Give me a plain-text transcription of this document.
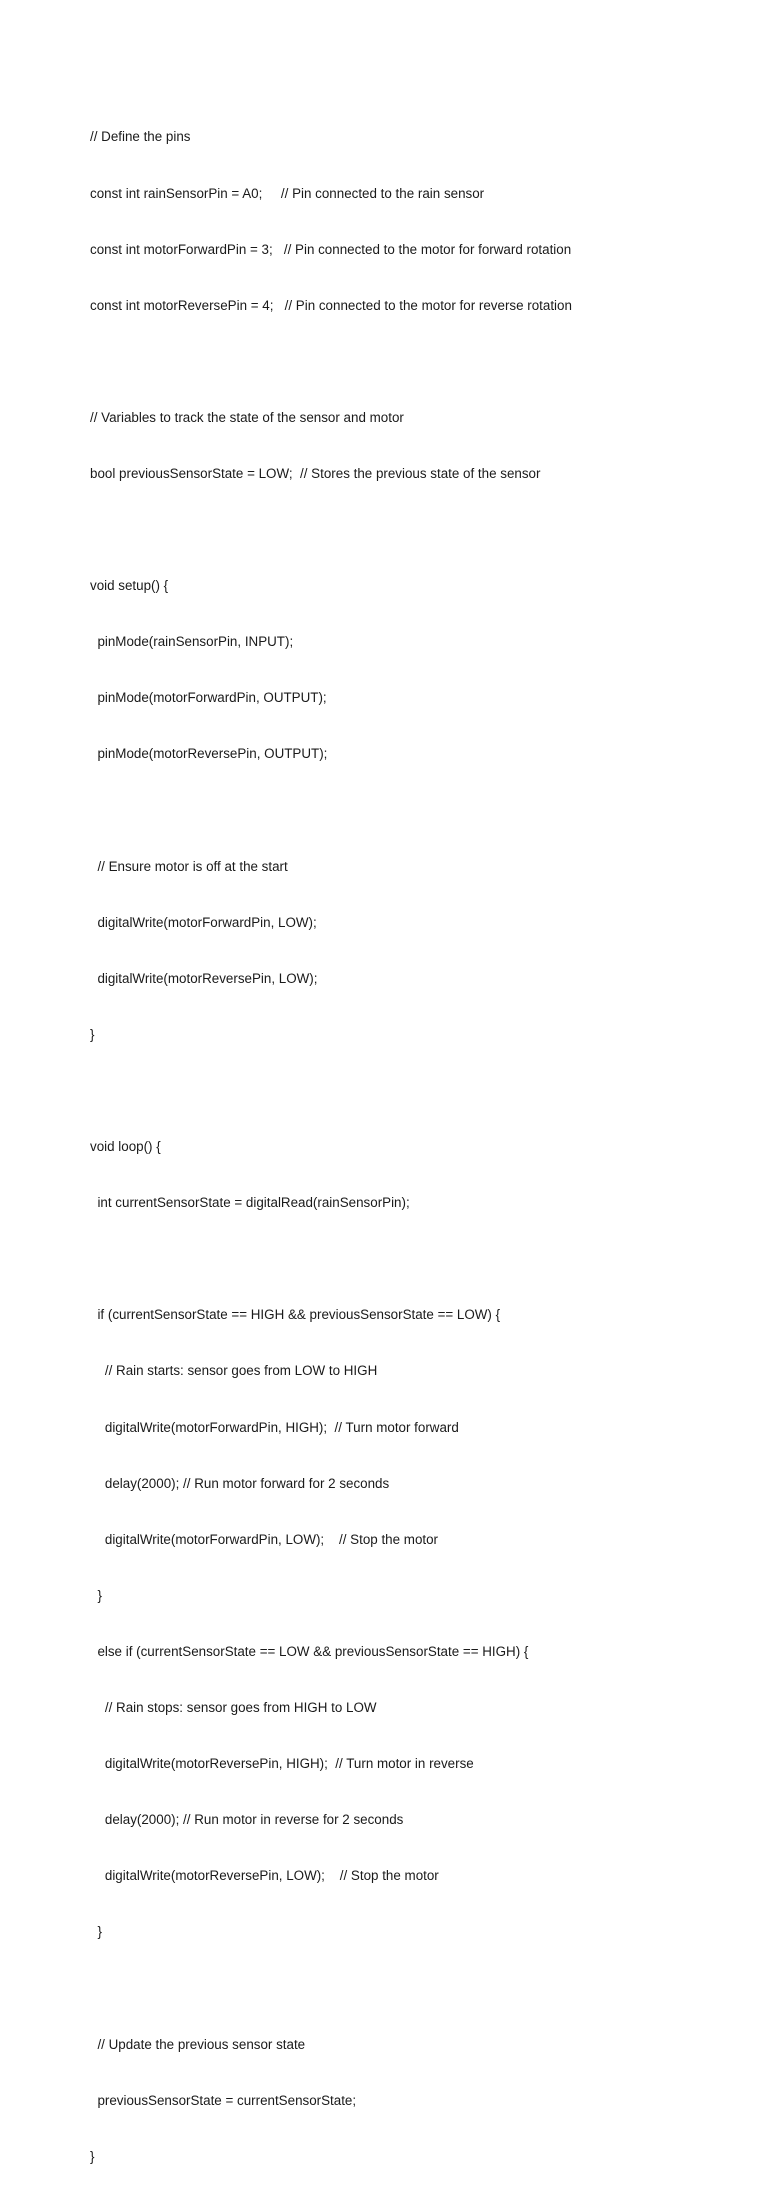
// Define the pins

const int rainSensorPin = A0;     // Pin connected to the rain sensor

const int motorForwardPin = 3;   // Pin connected to the motor for forward rotation

const int motorReversePin = 4;   // Pin connected to the motor for reverse rotation

// Variables to track the state of the sensor and motor

bool previousSensorState = LOW;  // Stores the previous state of the sensor

void setup() {

pinMode(rainSensorPin, INPUT);

pinMode(motorForwardPin, OUTPUT);

pinMode(motorReversePin, OUTPUT);

// Ensure motor is off at the start

digitalWrite(motorForwardPin, LOW);

digitalWrite(motorReversePin, LOW);

}

void loop() {

int currentSensorState = digitalRead(rainSensorPin);

if (currentSensorState == HIGH && previousSensorState == LOW) {

// Rain starts: sensor goes from LOW to HIGH

digitalWrite(motorForwardPin, HIGH);  // Turn motor forward

delay(2000); // Run motor forward for 2 seconds

digitalWrite(motorForwardPin, LOW);    // Stop the motor

}

else if (currentSensorState == LOW && previousSensorState == HIGH) {

// Rain stops: sensor goes from HIGH to LOW

digitalWrite(motorReversePin, HIGH);  // Turn motor in reverse

delay(2000); // Run motor in reverse for 2 seconds

digitalWrite(motorReversePin, LOW);    // Stop the motor

}

// Update the previous sensor state

previousSensorState = currentSensorState;

}
